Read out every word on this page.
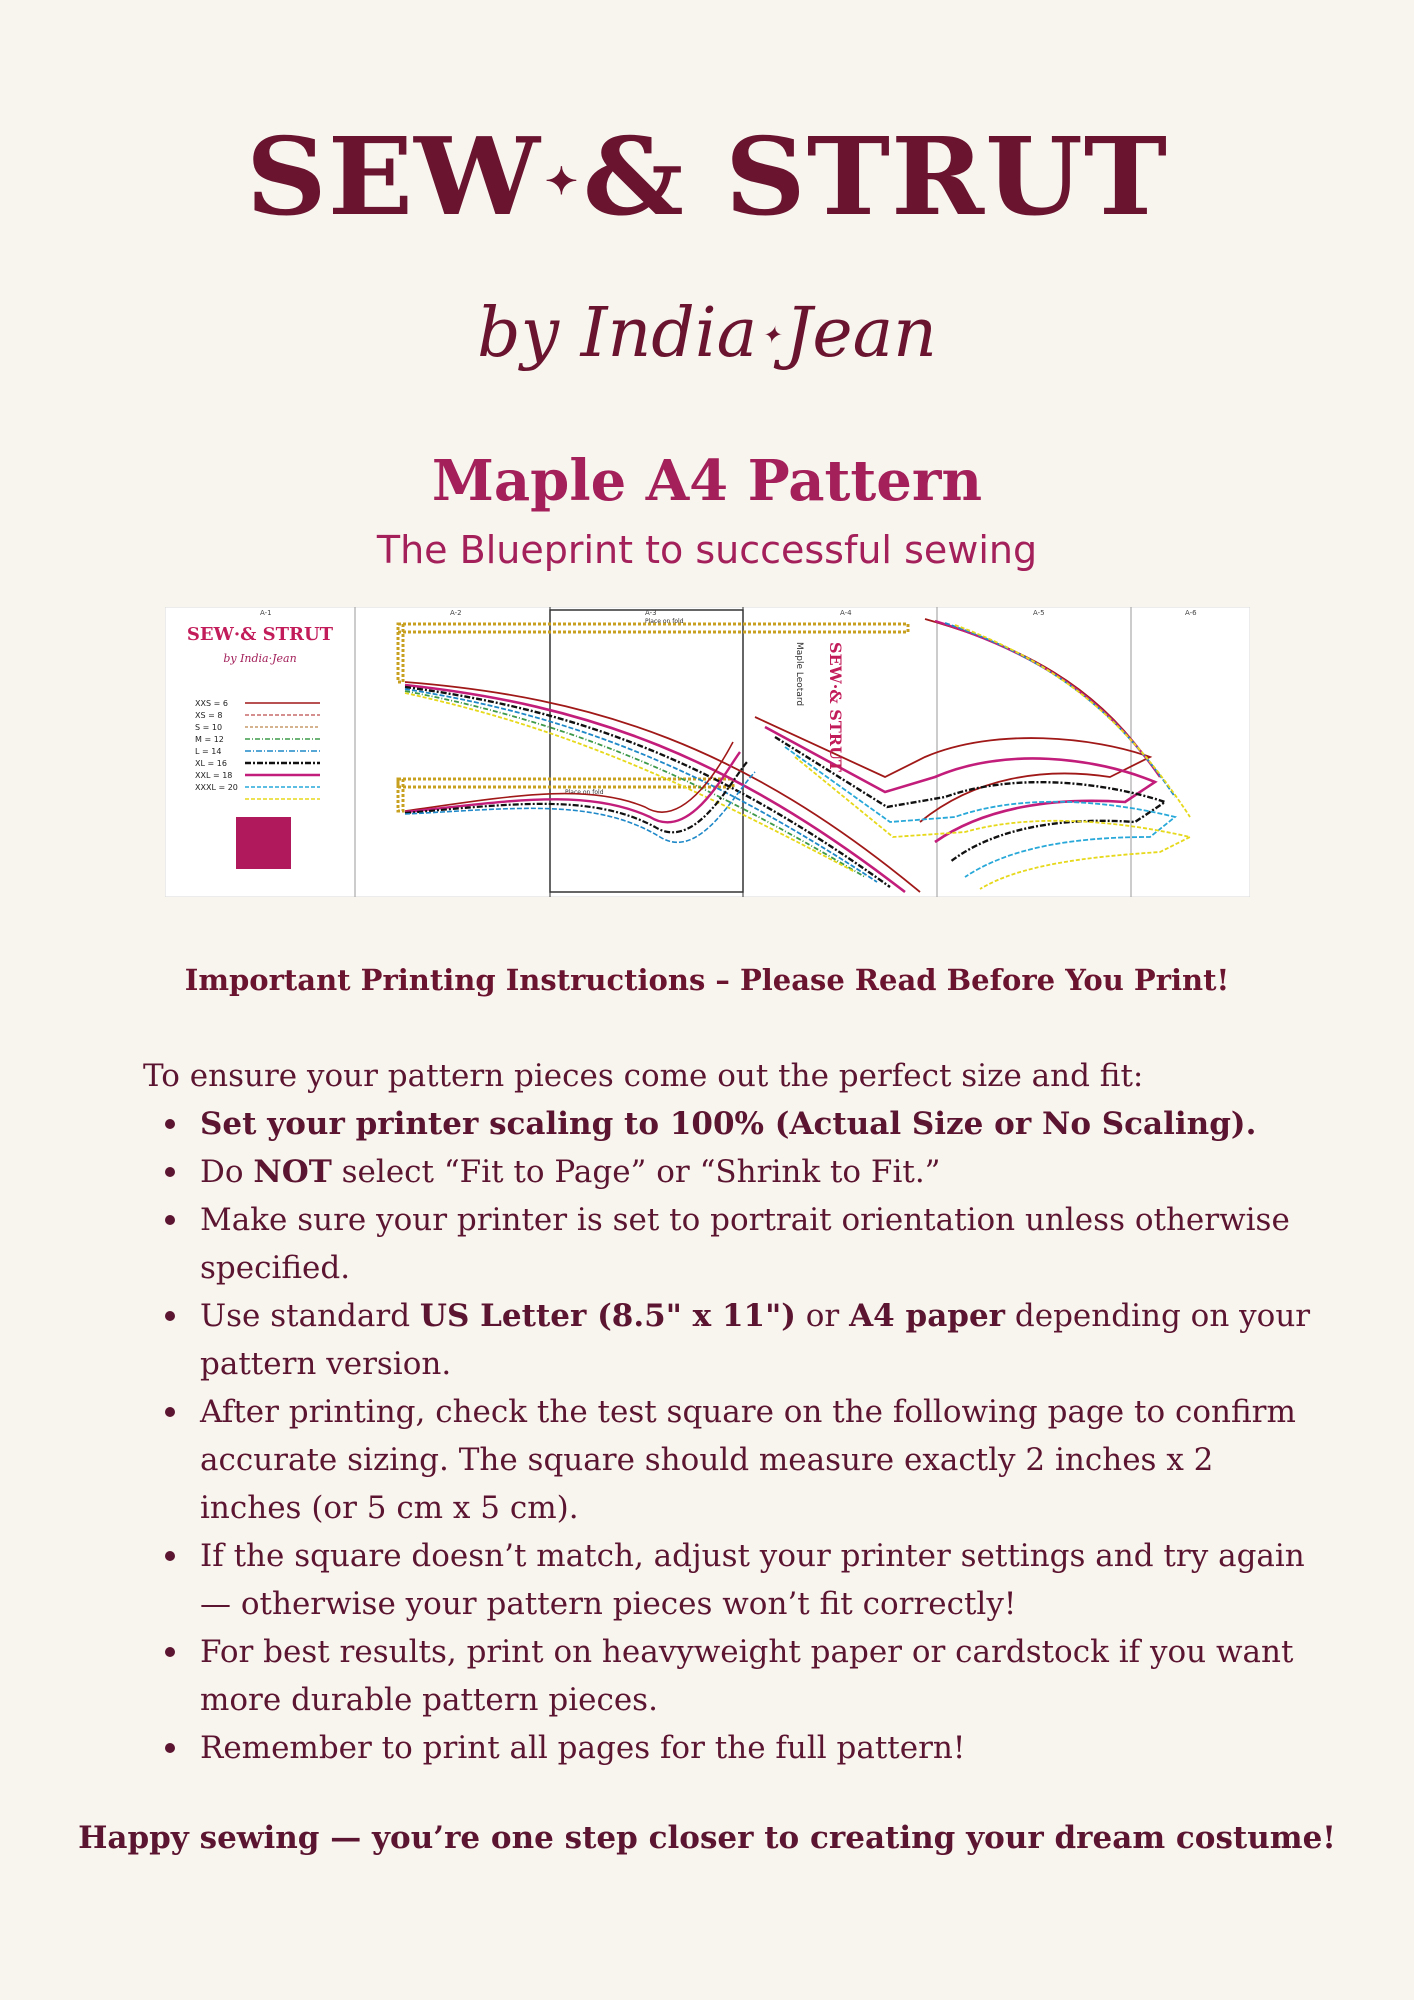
SEW ✦& STRUT
by India ✦Jean
Maple A4 Pattern
The Blueprint to successful sewing
A-1	A-2	A-3	A-4	A-5	A-6
SEW·& STRUT
by India·Jean
XXS = 6
XS = 8
S = 10
M = 12
L = 14
XL = 16
XXL = 18
XXXL = 20
Place on fold
Place on fold
SEW·& STRUT
Maple Leotard
Important Printing Instructions – Please Read Before You Print!
To ensure your pattern pieces come out the perfect size and fit:
Set your printer scaling to 100% (Actual Size or No Scaling).
Do NOT select “Fit to Page” or “Shrink to Fit.”
Make sure your printer is set to portrait orientation unless otherwise specified.
Use standard US Letter (8.5" x 11") or A4 paper depending on your pattern version.
After printing, check the test square on the following page to confirm accurate sizing. The square should measure exactly 2 inches x 2 inches (or 5 cm x 5 cm).
If the square doesn’t match, adjust your printer settings and try again — otherwise your pattern pieces won’t fit correctly!
For best results, print on heavyweight paper or cardstock if you want more durable pattern pieces.
Remember to print all pages for the full pattern!
Happy sewing — you’re one step closer to creating your dream costume!
